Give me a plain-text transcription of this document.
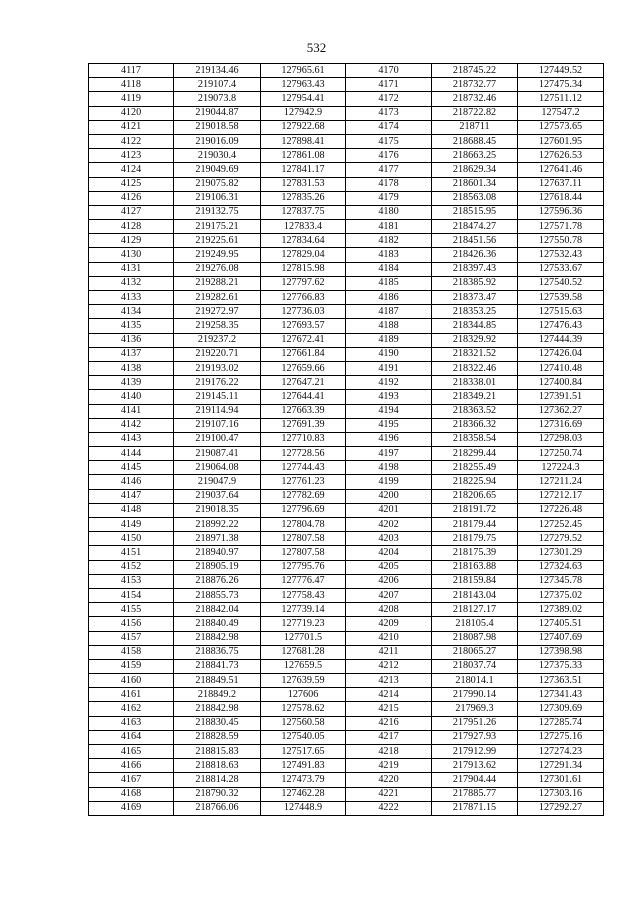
532
4117	219134.46	127965.61	4170	218745.22	127449.52
4118	219107.4	127963.43	4171	218732.77	127475.34
4119	219073.8	127954.41	4172	218732.46	127511.12
4120	219044.87	127942.9	4173	218722.82	127547.2
4121	219018.58	127922.68	4174	218711	127573.65
4122	219016.09	127898.41	4175	218688.45	127601.95
4123	219030.4	127861.08	4176	218663.25	127626.53
4124	219049.69	127841.17	4177	218629.34	127641.46
4125	219075.82	127831.53	4178	218601.34	127637.11
4126	219106.31	127835.26	4179	218563.08	127618.44
4127	219132.75	127837.75	4180	218515.95	127596.36
4128	219175.21	127833.4	4181	218474.27	127571.78
4129	219225.61	127834.64	4182	218451.56	127550.78
4130	219249.95	127829.04	4183	218426.36	127532.43
4131	219276.08	127815.98	4184	218397.43	127533.67
4132	219288.21	127797.62	4185	218385.92	127540.52
4133	219282.61	127766.83	4186	218373.47	127539.58
4134	219272.97	127736.03	4187	218353.25	127515.63
4135	219258.35	127693.57	4188	218344.85	127476.43
4136	219237.2	127672.41	4189	218329.92	127444.39
4137	219220.71	127661.84	4190	218321.52	127426.04
4138	219193.02	127659.66	4191	218322.46	127410.48
4139	219176.22	127647.21	4192	218338.01	127400.84
4140	219145.11	127644.41	4193	218349.21	127391.51
4141	219114.94	127663.39	4194	218363.52	127362.27
4142	219107.16	127691.39	4195	218366.32	127316.69
4143	219100.47	127710.83	4196	218358.54	127298.03
4144	219087.41	127728.56	4197	218299.44	127250.74
4145	219064.08	127744.43	4198	218255.49	127224.3
4146	219047.9	127761.23	4199	218225.94	127211.24
4147	219037.64	127782.69	4200	218206.65	127212.17
4148	219018.35	127796.69	4201	218191.72	127226.48
4149	218992.22	127804.78	4202	218179.44	127252.45
4150	218971.38	127807.58	4203	218179.75	127279.52
4151	218940.97	127807.58	4204	218175.39	127301.29
4152	218905.19	127795.76	4205	218163.88	127324.63
4153	218876.26	127776.47	4206	218159.84	127345.78
4154	218855.73	127758.43	4207	218143.04	127375.02
4155	218842.04	127739.14	4208	218127.17	127389.02
4156	218840.49	127719.23	4209	218105.4	127405.51
4157	218842.98	127701.5	4210	218087.98	127407.69
4158	218836.75	127681.28	4211	218065.27	127398.98
4159	218841.73	127659.5	4212	218037.74	127375.33
4160	218849.51	127639.59	4213	218014.1	127363.51
4161	218849.2	127606	4214	217990.14	127341.43
4162	218842.98	127578.62	4215	217969.3	127309.69
4163	218830.45	127560.58	4216	217951.26	127285.74
4164	218828.59	127540.05	4217	217927.93	127275.16
4165	218815.83	127517.65	4218	217912.99	127274.23
4166	218818.63	127491.83	4219	217913.62	127291.34
4167	218814.28	127473.79	4220	217904.44	127301.61
4168	218790.32	127462.28	4221	217885.77	127303.16
4169	218766.06	127448.9	4222	217871.15	127292.27
